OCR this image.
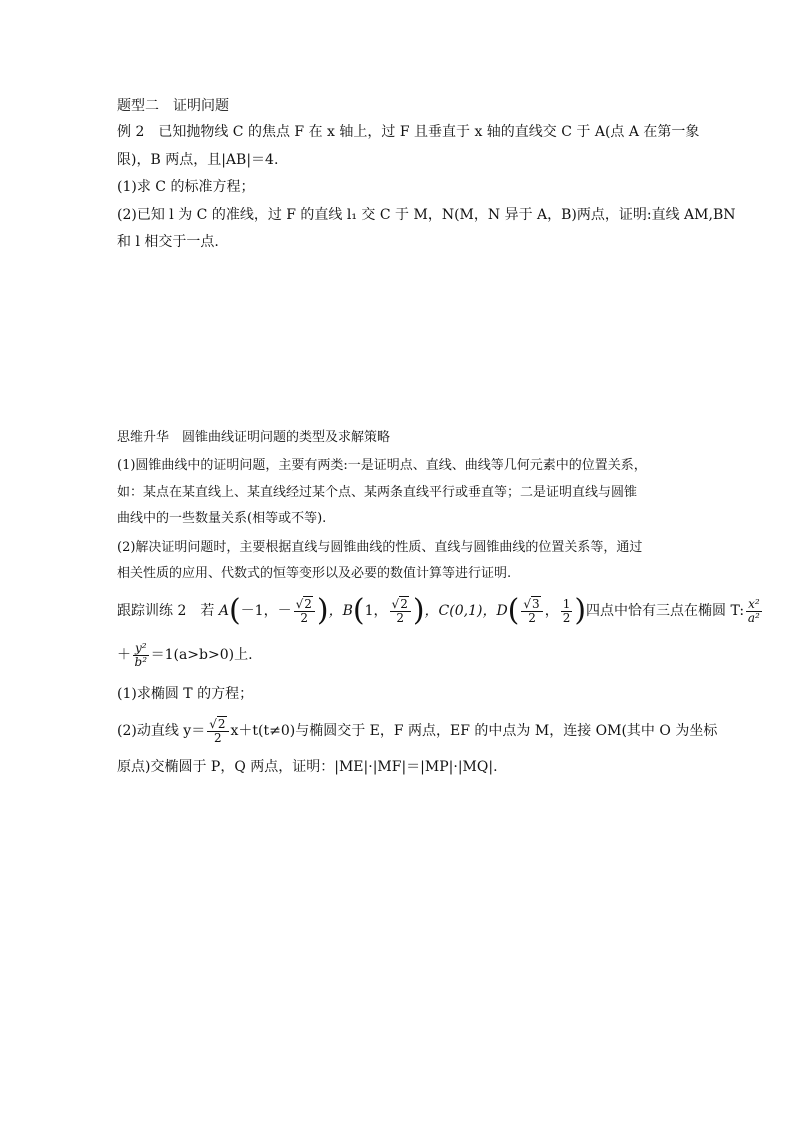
题型二　证明问题
例 2　已知抛物线 C 的焦点 F 在 x 轴上，过 F 且垂直于 x 轴的直线交 C 于 A(点 A 在第一象
限)，B 两点，且|AB|＝4.
(1)求 C 的标准方程；
(2)已知 l 为 C 的准线，过 F 的直线 l₁ 交 C 于 M，N(M，N 异于 A，B)两点，证明:直线 AM,BN
和 l 相交于一点.
思维升华　圆锥曲线证明问题的类型及求解策略
(1)圆锥曲线中的证明问题，主要有两类:一是证明点、直线、曲线等几何元素中的位置关系，
如：某点在某直线上、某直线经过某个点、某两条直线平行或垂直等；二是证明直线与圆锥
曲线中的一些数量关系(相等或不等).
(2)解决证明问题时，主要根据直线与圆锥曲线的性质、直线与圆锥曲线的位置关系等，通过
相关性质的应用、代数式的恒等变形以及必要的数值计算等进行证明.
跟踪训练 2　若 A(－1，－ $\frac{√2}{2}$ )，B(1， $\frac{√2}{2}$ )，C(0,1)，$D( \frac{√3}{2}$ ， $\frac{1}{2}$ )四点中恰有三点在椭圆 T: $\frac{\text{x²}}{\text{a²}}$
＋ $\frac{\text{y²}}{\text{b²}} =1(a>b>0)$上.
(1)求椭圆 T 的方程；
(2)动直线 $y= \frac{√2}{2} x+t(t\ne 0)$与椭圆交于 E，F 两点，EF 的中点为 M，连接 OM(其中 O 为坐标
原点)交椭圆于 P，Q 两点，证明：|ME|·|MF|＝|MP|·|MQ|.
